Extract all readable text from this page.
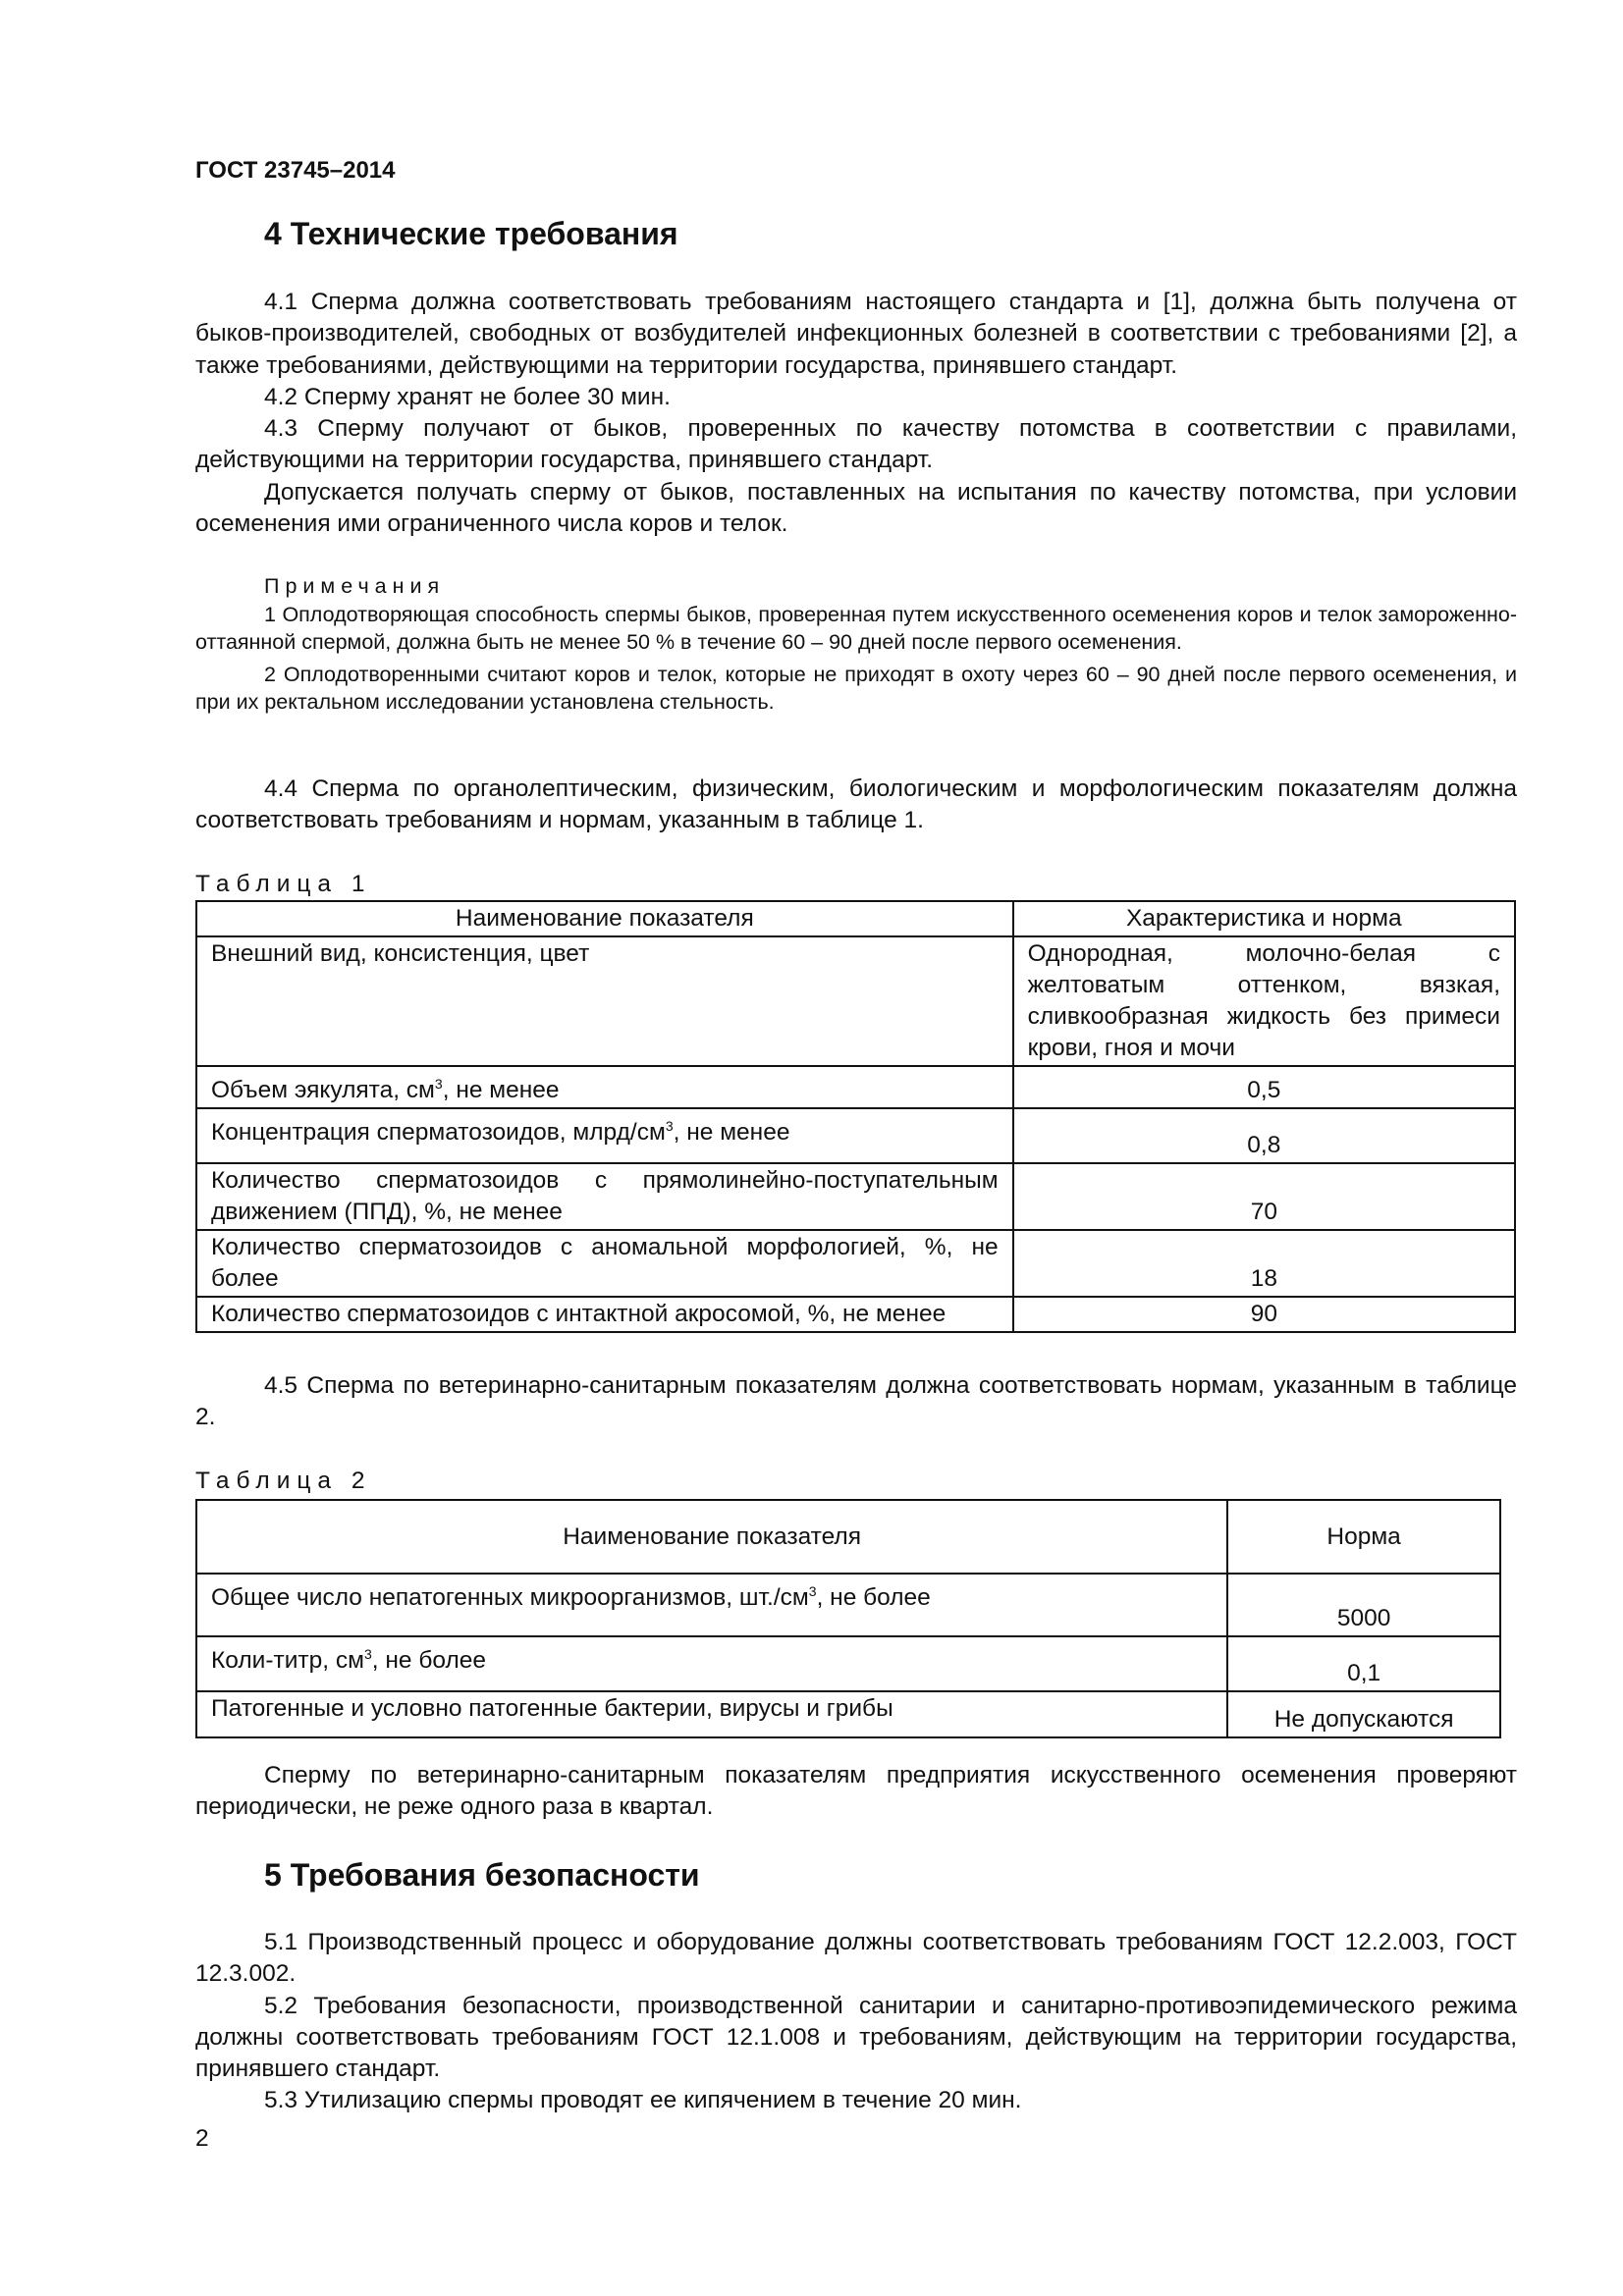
ГОСТ 23745–2014

4 Технические требования

4.1 Сперма должна соответствовать требованиям настоящего стандарта и [1], должна быть получена от быков-производителей, свободных от возбудителей инфекционных болезней в соответствии с требованиями [2], а также требованиями, действующими на территории государства, принявшего стандарт.

4.2 Сперму хранят не более 30 мин.

4.3 Сперму получают от быков, проверенных по качеству потомства в соответствии с правилами, действующими на территории государства, принявшего стандарт.

Допускается получать сперму от быков, поставленных на испытания по качеству потомства, при условии осеменения ими ограниченного числа коров и телок.

Примечания

1 Оплодотворяющая способность спермы быков, проверенная путем искусственного осеменения коров и телок замороженно-оттаянной спермой, должна быть не менее 50 % в течение 60 – 90 дней после первого осеменения.

2 Оплодотворенными считают коров и телок, которые не приходят в охоту через 60 – 90 дней после первого осеменения, и при их ректальном исследовании установлена стельность.

4.4 Сперма по органолептическим, физическим, биологическим и морфологическим показателям должна соответствовать требованиям и нормам, указанным в таблице 1.

Таблица 1

Наименование показателя	Характеристика и норма
Внешний вид, консистенция, цвет	Однородная, молочно-белая с желтоватым оттенком, вязкая, сливкообразная жидкость без примеси крови, гноя и мочи
Объем эякулята, $см^3$, не менее	0,5
Концентрация сперматозоидов, млрд/$см^3$, не менее	0,8
Количество сперматозоидов с прямолинейно-поступательным движением (ППД), %, не менее	70
Количество сперматозоидов с аномальной морфологией, %, не более	18
Количество сперматозоидов с интактной акросомой, %, не менее	90

4.5 Сперма по ветеринарно-санитарным показателям должна соответствовать нормам, указанным в таблице 2.

Таблица 2

Наименование показателя	Норма
Общее число непатогенных микроорганизмов, $шт./см^3$, не более	5000
Коли-титр, $см^3$, не более	0,1
Патогенные и условно патогенные бактерии, вирусы и грибы	Не допускаются

Сперму по ветеринарно-санитарным показателям предприятия искусственного осеменения проверяют периодически, не реже одного раза в квартал.

5 Требования безопасности

5.1 Производственный процесс и оборудование должны соответствовать требованиям ГОСТ 12.2.003, ГОСТ 12.3.002.

5.2 Требования безопасности, производственной санитарии и санитарно-противоэпидемического режима должны соответствовать требованиям ГОСТ 12.1.008 и требованиям, действующим на территории государства, принявшего стандарт.

5.3 Утилизацию спермы проводят ее кипячением в течение 20 мин.

2
